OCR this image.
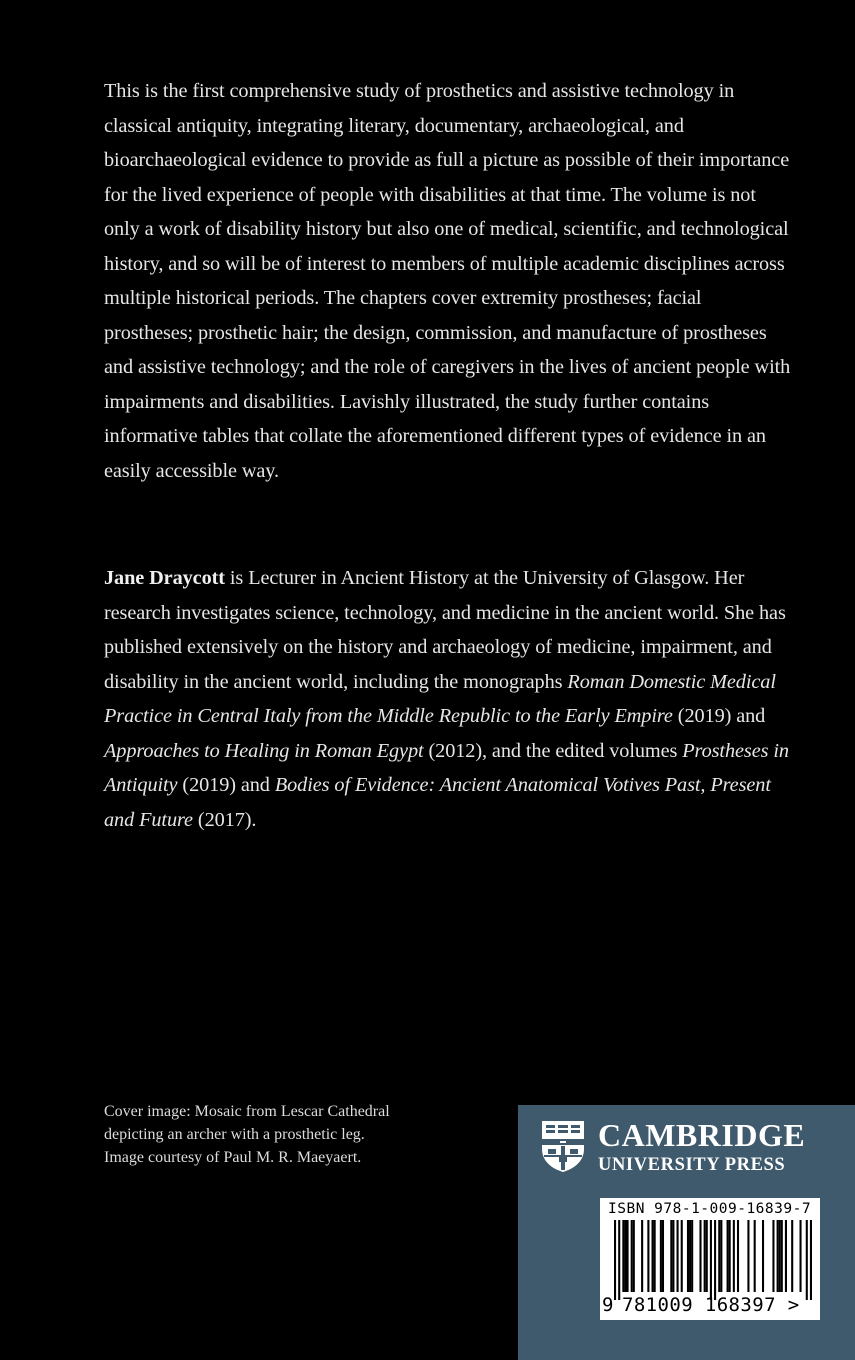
This is the first comprehensive study of prosthetics and assistive technology in classical antiquity, integrating literary, documentary, archaeological, and bioarchaeological evidence to provide as full a picture as possible of their importance for the lived experience of people with disabilities at that time. The volume is not only a work of disability history but also one of medical, scientific, and technological history, and so will be of interest to members of multiple academic disciplines across multiple historical periods. The chapters cover extremity prostheses; facial prostheses; prosthetic hair; the design, commission, and manufacture of prostheses and assistive technology; and the role of caregivers in the lives of ancient people with impairments and disabilities. Lavishly illustrated, the study further contains informative tables that collate the aforementioned different types of evidence in an easily accessible way.

Jane Draycott is Lecturer in Ancient History at the University of Glasgow. Her research investigates science, technology, and medicine in the ancient world. She has published extensively on the history and archaeology of medicine, impairment, and disability in the ancient world, including the monographs Roman Domestic Medical Practice in Central Italy from the Middle Republic to the Early Empire (2019) and Approaches to Healing in Roman Egypt (2012), and the edited volumes Prostheses in Antiquity (2019) and Bodies of Evidence: Ancient Anatomical Votives Past, Present and Future (2017).

Cover image: Mosaic from Lescar Cathedral
depicting an archer with a prosthetic leg.
Image courtesy of Paul M. R. Maeyaert.
CAMBRIDGE
UNIVERSITY PRESS
ISBN 978-1-009-16839-7
9 781009 168397 >
